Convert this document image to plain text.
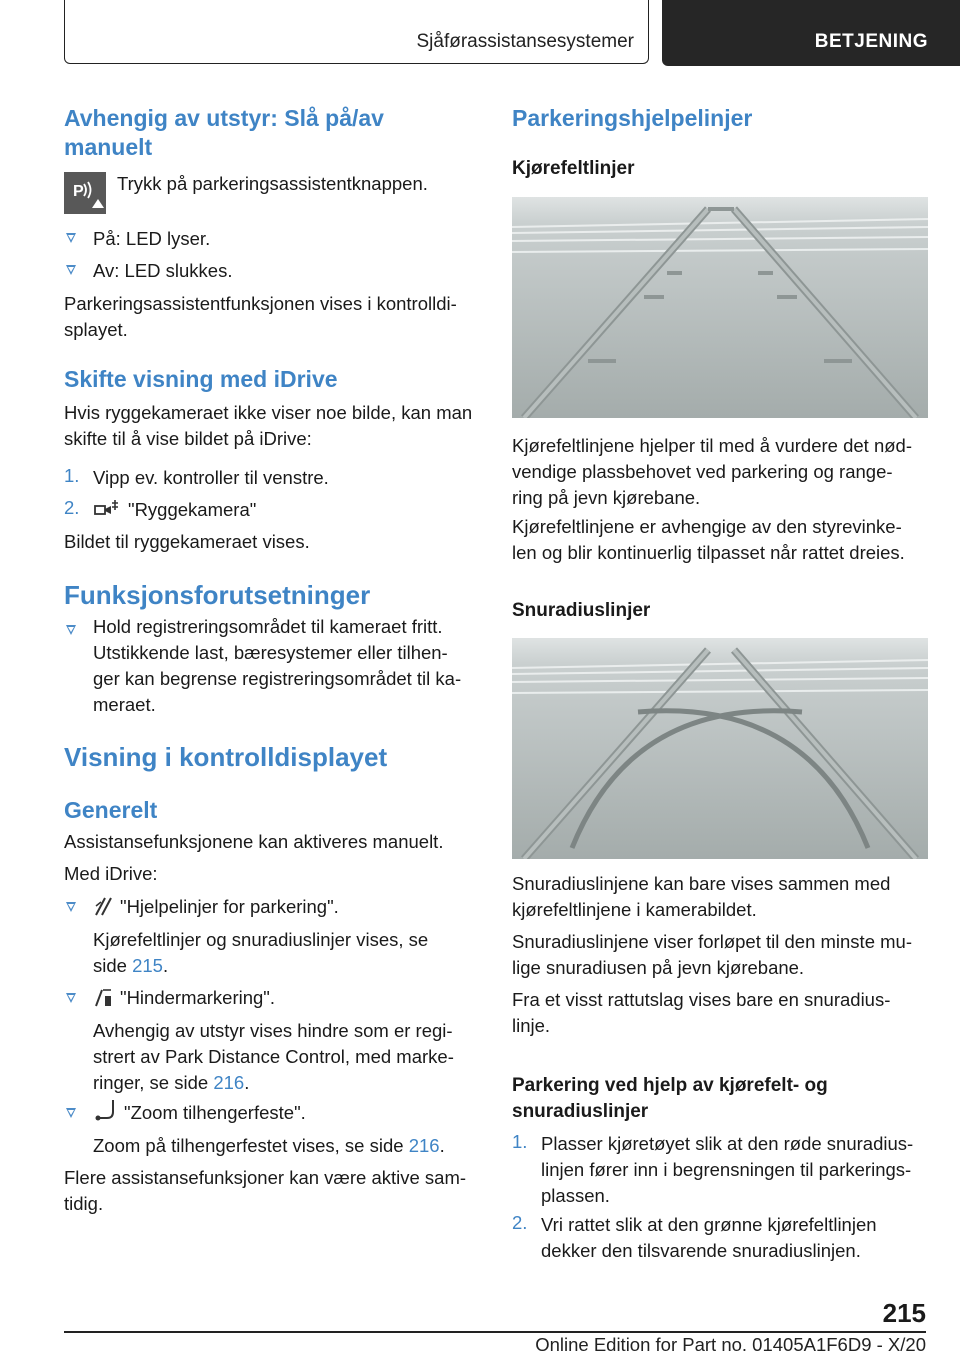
Sjåførassistansesystemer	BETJENING
Avhengig av utstyr: Slå på/av
manuelt
P Trykk på parkeringsassistentknappen.
På: LED lyser.
Av: LED slukkes.
Parkeringsassistentfunksjonen vises i kontrolldi-
splayet.
Skifte visning med iDrive
Hvis ryggekameraet ikke viser noe bilde, kan man
skifte til å vise bildet på iDrive:
1. Vipp ev. kontroller til venstre.
2.	"Ryggekamera"
Bildet til ryggekameraet vises.
Funksjonsforutsetninger
Hold registreringsområdet til kameraet fritt.
Utstikkende last, bæresystemer eller tilhen-
ger kan begrense registreringsområdet til ka-
meraet.
Visning i kontrolldisplayet
Generelt
Assistansefunksjonene kan aktiveres manuelt.
Med iDrive:
"Hjelpelinjer for parkering".
Kjørefeltlinjer og snuradiuslinjer vises, se
side 215.
"Hindermarkering".
Avhengig av utstyr vises hindre som er regi-
strert av Park Distance Control, med marke-
ringer, se side 216.
"Zoom tilhengerfeste".
Zoom på tilhengerfestet vises, se side 216.
Flere assistansefunksjoner kan være aktive sam-
tidig.
Parkeringshjelpelinjer
Kjørefeltlinjer
Kjørefeltlinjene hjelper til med å vurdere det nød-
vendige plassbehovet ved parkering og range-
ring på jevn kjørebane.
Kjørefeltlinjene er avhengige av den styrevinke-
len og blir kontinuerlig tilpasset når rattet dreies.
Snuradiuslinjer
Snuradiuslinjene kan bare vises sammen med
kjørefeltlinjene i kamerabildet.
Snuradiuslinjene viser forløpet til den minste mu-
lige snuradiusen på jevn kjørebane.
Fra et visst rattutslag vises bare en snuradius-
linje.
Parkering ved hjelp av kjørefelt- og
snuradiuslinjer
1. Plasser kjøretøyet slik at den røde snuradius-
linjen fører inn i begrensningen til parkerings-
plassen.
2. Vri rattet slik at den grønne kjørefeltlinjen
dekker den tilsvarende snuradiuslinjen.
215
Online Edition for Part no. 01405A1F6D9 - X/20
